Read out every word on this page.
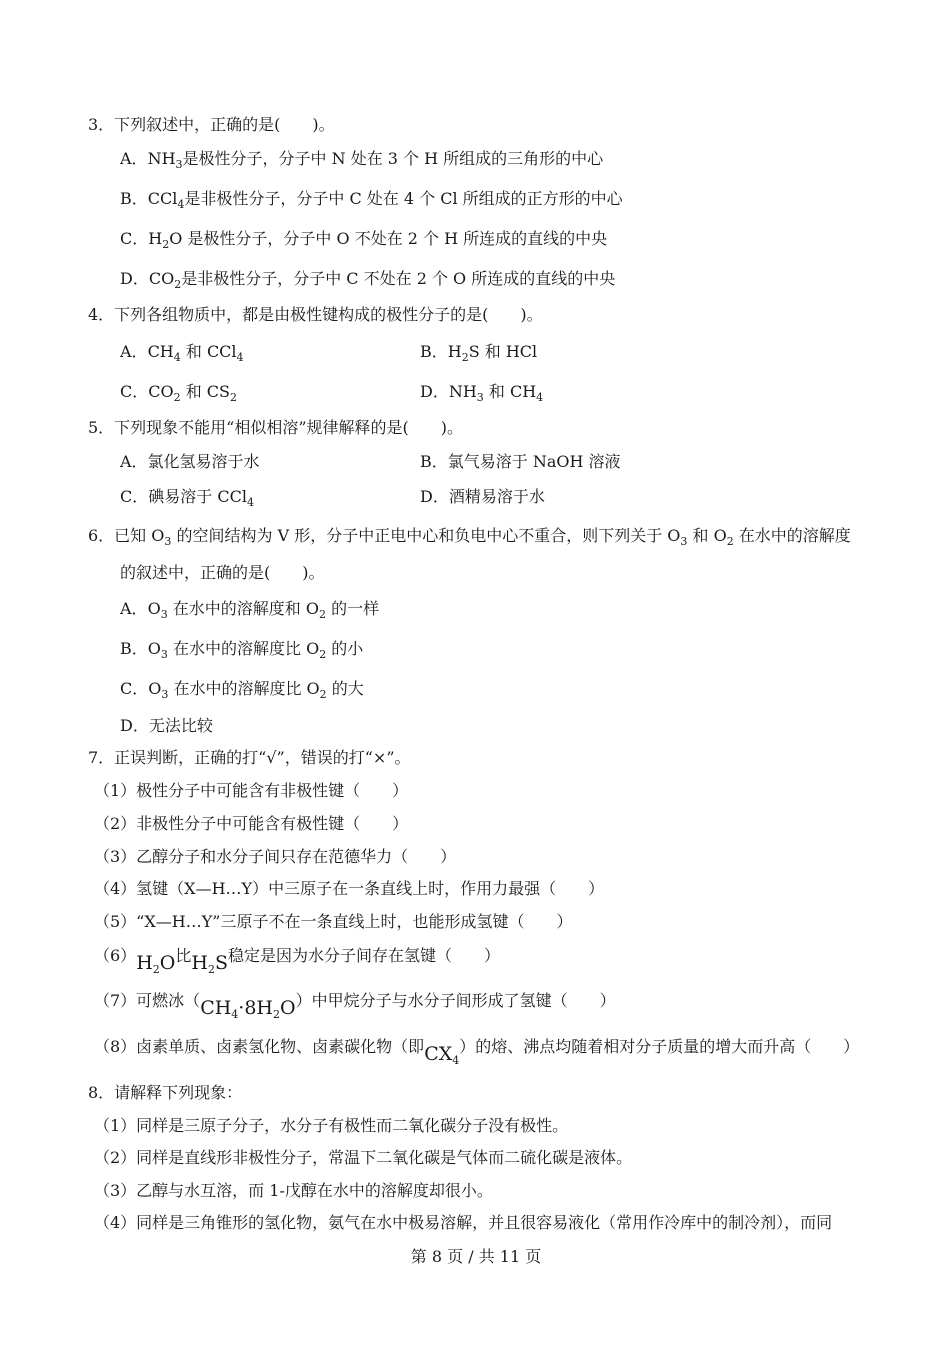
3．下列叙述中，正确的是(　　)。
A．$NH_3$是极性分子，分子中 N 处在 3 个 H 所组成的三角形的中心
B．CCl$_4$是非极性分子，分子中 C 处在 4 个 Cl 所组成的正方形的中心
C．$H_2O$ 是极性分子，分子中 O 不处在 2 个 H 所连成的直线的中央
D．$CO_2$是非极性分子，分子中 C 不处在 2 个 O 所连成的直线的中央
4．下列各组物质中，都是由极性键构成的极性分子的是(　　)。
A．$CH_4$ 和 CCl$_4$	B．$H_2S$ 和 HCl
C．$CO_2$ 和 $CS_2$	D．$NH_3$ 和 $CH_4$
5．下列现象不能用“相似相溶”规律解释的是(　　)。
A．氯化氢易溶于水	B．氯气易溶于 NaOH 溶液
C．碘易溶于 CCl$_4$	D．酒精易溶于水
6．已知 $O_3$ 的空间结构为 V 形，分子中正电中心和负电中心不重合，则下列关于 $O_3$ 和 $O_2$ 在水中的溶解度
的叙述中，正确的是(　　)。
A．$O_3$ 在水中的溶解度和 $O_2$ 的一样
B．$O_3$ 在水中的溶解度比 $O_2$ 的小
C．$O_3$ 在水中的溶解度比 $O_2$ 的大
D．无法比较
7．正误判断，正确的打“√”，错误的打“×”。
（1）极性分子中可能含有非极性键（　　）
（2）非极性分子中可能含有极性键（　　）
（3）乙醇分子和水分子间只存在范德华力（　　）
（4）氢键（X—H…Y）中三原子在一条直线上时，作用力最强（　　）
（5）“X—H…Y”三原子不在一条直线上时，也能形成氢键（　　）
$(6)H_2O$比$H_2S$稳定是因为水分子间存在氢键（　　）
（7）可燃冰$(CH_4\cdot 8H_2O)$中甲烷分子与水分子间形成了氢键（　　）
（8）卤素单质、卤素氢化物、卤素碳化物（即$CX_4$）的熔、沸点均随着相对分子质量的增大而升高（　　）
8．请解释下列现象：
（1）同样是三原子分子，水分子有极性而二氧化碳分子没有极性。
（2）同样是直线形非极性分子，常温下二氧化碳是气体而二硫化碳是液体。
（3）乙醇与水互溶，而 1-戊醇在水中的溶解度却很小。
（4）同样是三角锥形的氢化物，氨气在水中极易溶解，并且很容易液化（常用作冷库中的制冷剂），而同
第 8 页 / 共 11 页
